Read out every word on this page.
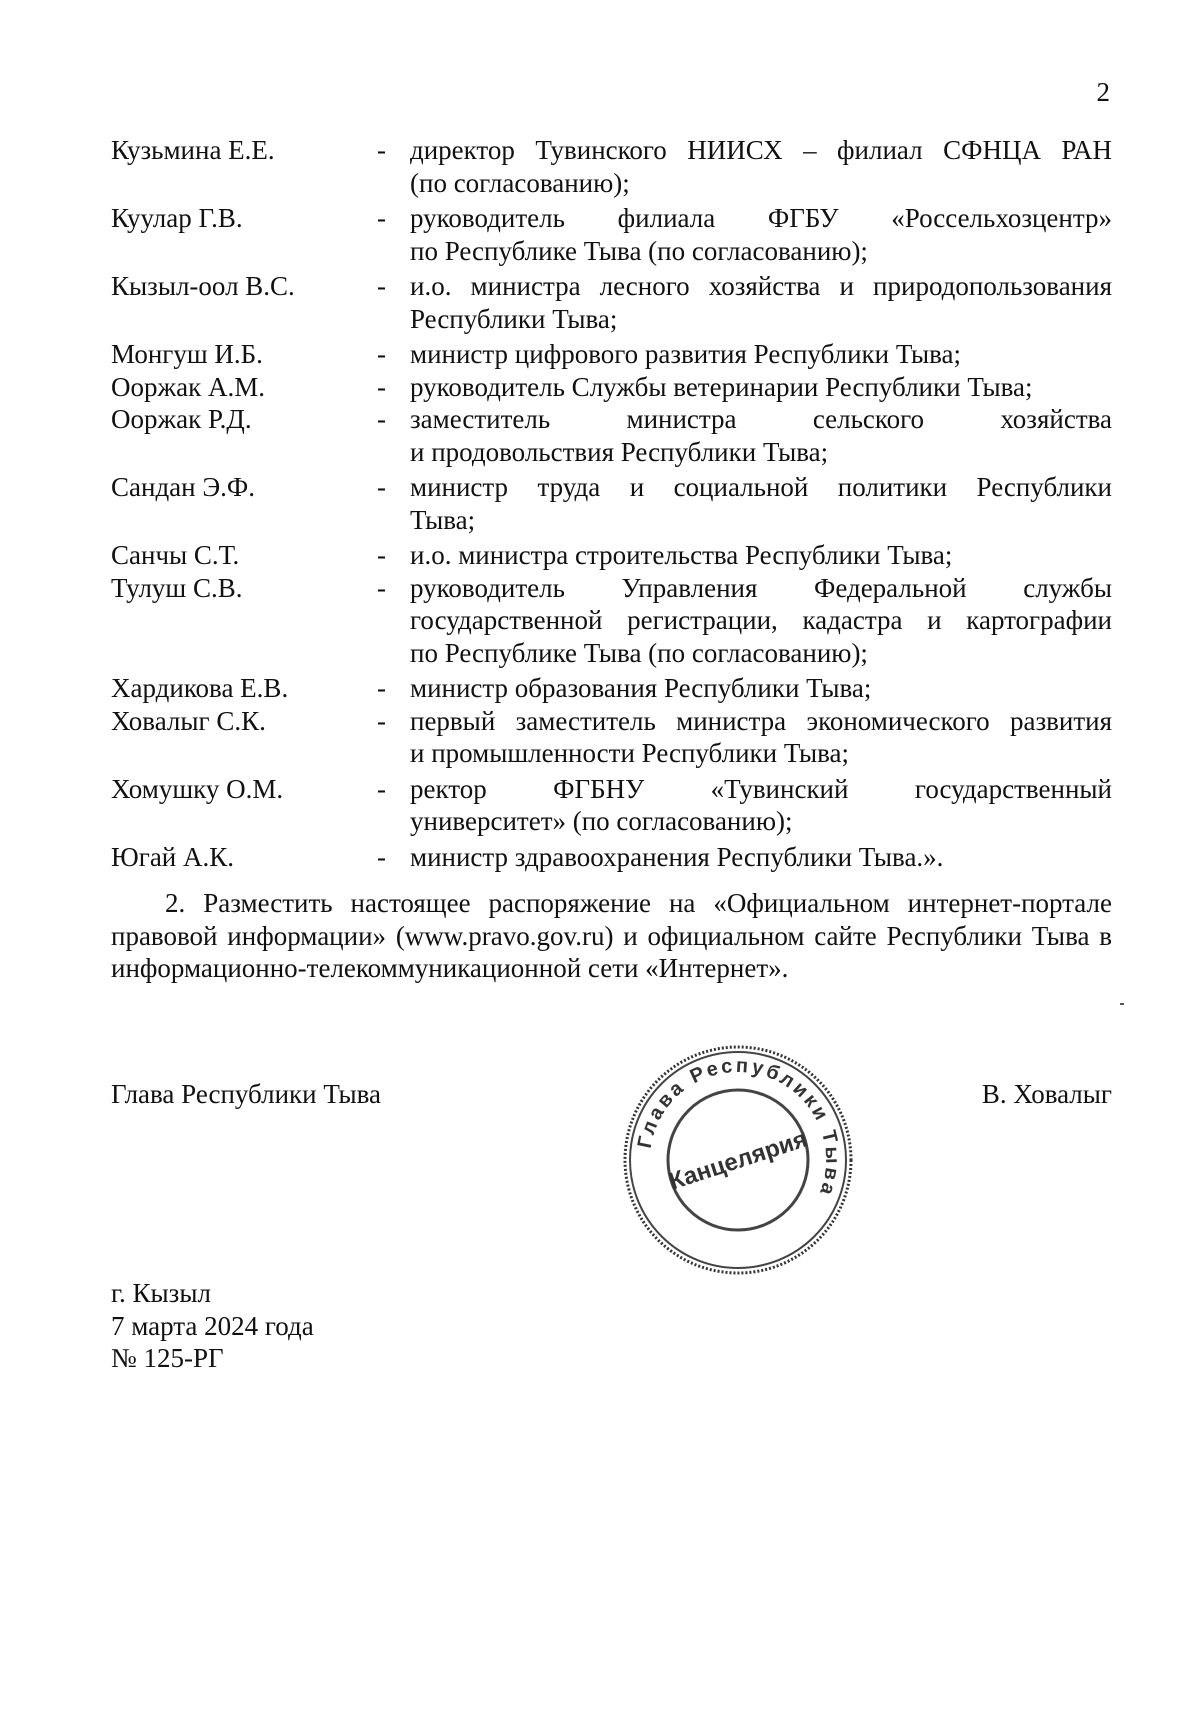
2
Кузьмина Е.Е.	- директор Тувинского НИИСХ – филиал СФНЦА РАН
(по согласованию);
Куулар Г.В.	- руководитель филиала ФГБУ «Россельхозцентр»
по Республике Тыва (по согласованию);
Кызыл-оол В.С.	- и.о. министра лесного хозяйства и природопользования
Республики Тыва;
Монгуш И.Б.	- министр цифрового развития Республики Тыва;
Ооржак А.М.	- руководитель Службы ветеринарии Республики Тыва;
Ооржак Р.Д.	- заместитель министра сельского хозяйства
и продовольствия Республики Тыва;
Сандан Э.Ф.	- министр труда и социальной политики Республики
Тыва;
Санчы С.Т.	- и.о. министра строительства Республики Тыва;
Тулуш С.В.	- руководитель Управления Федеральной службы
государственной регистрации, кадастра и картографии
по Республике Тыва (по согласованию);
Хардикова Е.В.	- министр образования Республики Тыва;
Ховалыг С.К.	- первый заместитель министра экономического развития
и промышленности Республики Тыва;
Хомушку О.М.	- ректор ФГБНУ «Тувинский государственный
университет» (по согласованию);
Югай А.К.	- министр здравоохранения Республики Тыва.».
2. Разместить настоящее распоряжение на «Официальном интернет-портале правовой информации» (www.pravo.gov.ru) и официальном сайте Республики Тыва в информационно-телекоммуникационной сети «Интернет».
Глава Республики Тыва
Глава Республики Тыва
Канцелярия
В. Ховалыг
г. Кызыл
7 марта 2024 года
№ 125-РГ
